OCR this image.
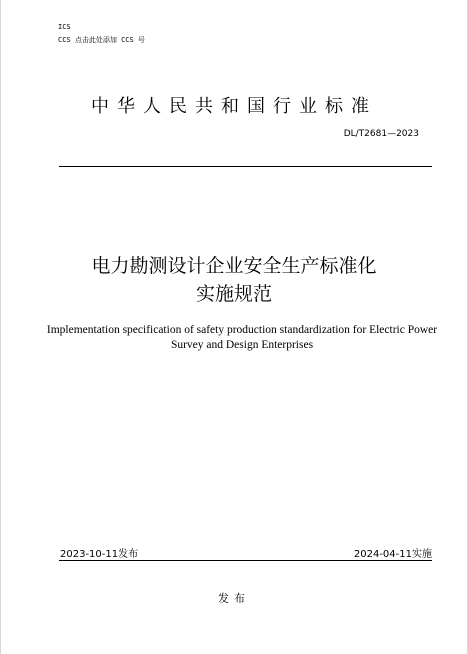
ICS
CCS 点击此处添加 CCS 号
中华人民共和国行业标准
DL/T2681—2023
电力勘测设计企业安全生产标准化
实施规范
Implementation specification of safety production standardization for Electric Power Survey and Design Enterprises
2023-10-11发布	2024-04-11实施
发布
